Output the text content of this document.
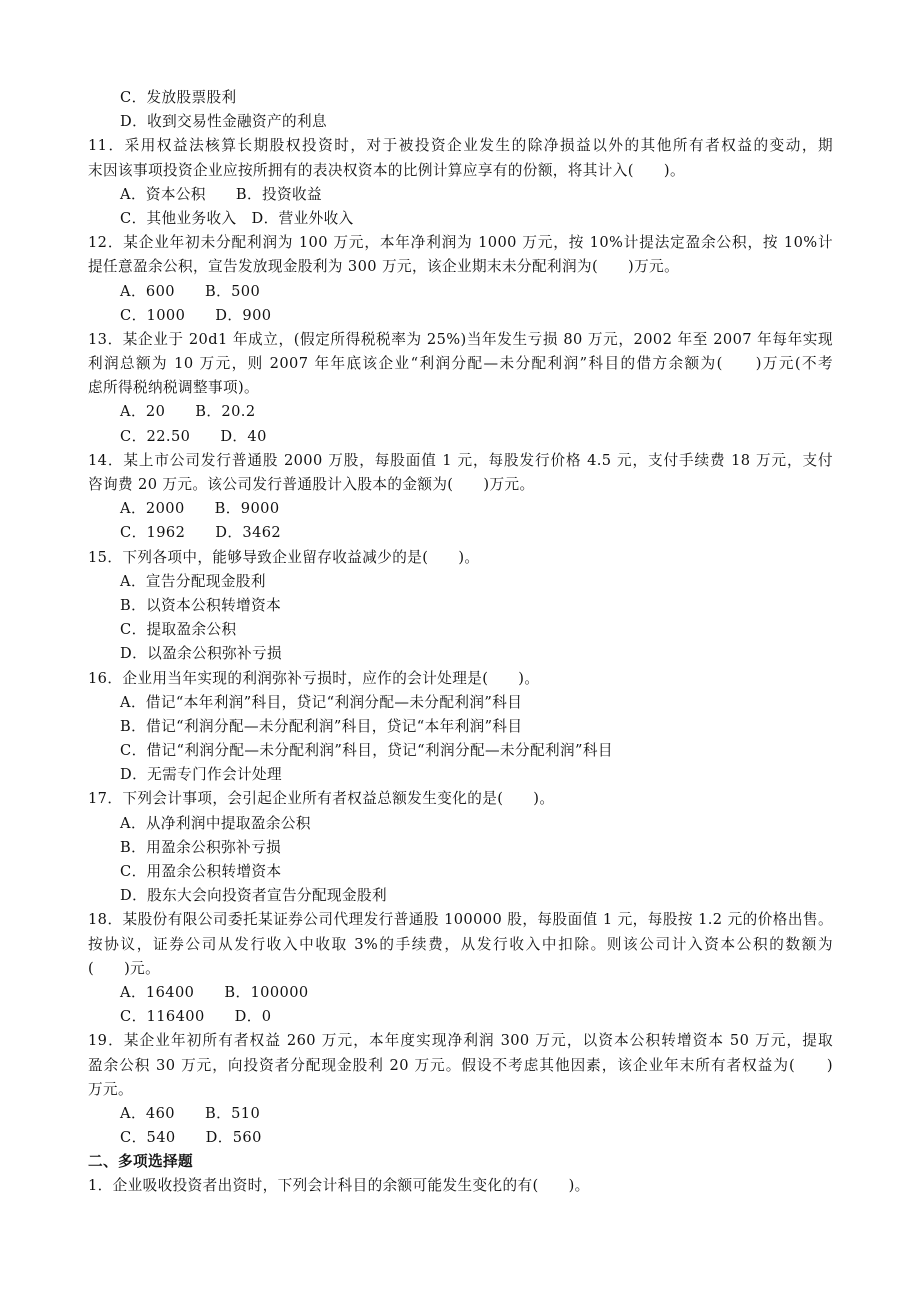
C．发放股票股利
D．收到交易性金融资产的利息
11．采用权益法核算长期股权投资时，对于被投资企业发生的除净损益以外的其他所有者权益的变动，期
末因该事项投资企业应按所拥有的表决权资本的比例计算应享有的份额，将其计入(　　)。
A．资本公积　　B．投资收益
C．其他业务收入　D．营业外收入
12．某企业年初未分配利润为 100 万元，本年净利润为 1000 万元，按 10%计提法定盈余公积，按 10%计
提任意盈余公积，宣告发放现金股利为 300 万元，该企业期末未分配利润为(　　)万元。
A．600　　B．500
C．1000　　D．900
13．某企业于 20d1 年成立，(假定所得税税率为 25%)当年发生亏损 80 万元，2002 年至 2007 年每年实现
利润总额为 10 万元，则 2007 年年底该企业“利润分配—未分配利润”科目的借方余额为(　　)万元(不考
虑所得税纳税调整事项)。
A．20　　B．20.2
C．22.50　　D．40
14．某上市公司发行普通股 2000 万股，每股面值 1 元，每股发行价格 4.5 元，支付手续费 18 万元，支付
咨询费 20 万元。该公司发行普通股计入股本的金额为(　　)万元。
A．2000　　B．9000
C．1962　　D．3462
15．下列各项中，能够导致企业留存收益减少的是(　　)。
A．宣告分配现金股利
B．以资本公积转增资本
C．提取盈余公积
D．以盈余公积弥补亏损
16．企业用当年实现的利润弥补亏损时，应作的会计处理是(　　)。
A．借记“本年利润”科目，贷记“利润分配—未分配利润”科目
B．借记“利润分配—未分配利润”科目，贷记“本年利润”科目
C．借记“利润分配—未分配利润”科目，贷记“利润分配—未分配利润”科目
D．无需专门作会计处理
17．下列会计事项，会引起企业所有者权益总额发生变化的是(　　)。
A．从净利润中提取盈余公积
B．用盈余公积弥补亏损
C．用盈余公积转增资本
D．股东大会向投资者宣告分配现金股利
18．某股份有限公司委托某证券公司代理发行普通股 100000 股，每股面值 1 元，每股按 1.2 元的价格出售。
按协议，证券公司从发行收入中收取 3%的手续费，从发行收入中扣除。则该公司计入资本公积的数额为
(　　)元。
A．16400　　B．100000
C．116400　　D．0
19．某企业年初所有者权益 260 万元，本年度实现净利润 300 万元，以资本公积转增资本 50 万元，提取
盈余公积 30 万元，向投资者分配现金股利 20 万元。假设不考虑其他因素，该企业年末所有者权益为(　　)
万元。
A．460　　B．510
C．540　　D．560
二、多项选择题
1．企业吸收投资者出资时，下列会计科目的余额可能发生变化的有(　　)。
